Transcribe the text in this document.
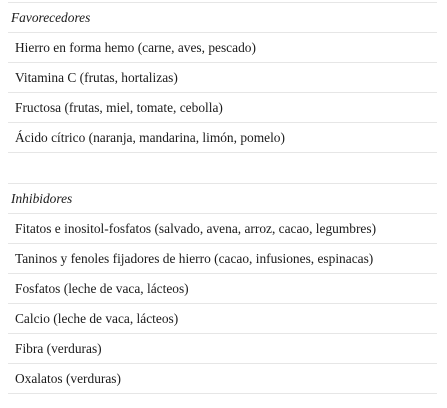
Favorecedores
Hierro en forma hemo (carne, aves, pescado)
Vitamina C (frutas, hortalizas)
Fructosa (frutas, miel, tomate, cebolla)
Ácido cítrico (naranja, mandarina, limón, pomelo)
Inhibidores
Fitatos e inositol-fosfatos (salvado, avena, arroz, cacao, legumbres)
Taninos y fenoles fijadores de hierro (cacao, infusiones, espinacas)
Fosfatos (leche de vaca, lácteos)
Calcio (leche de vaca, lácteos)
Fibra (verduras)
Oxalatos (verduras)
